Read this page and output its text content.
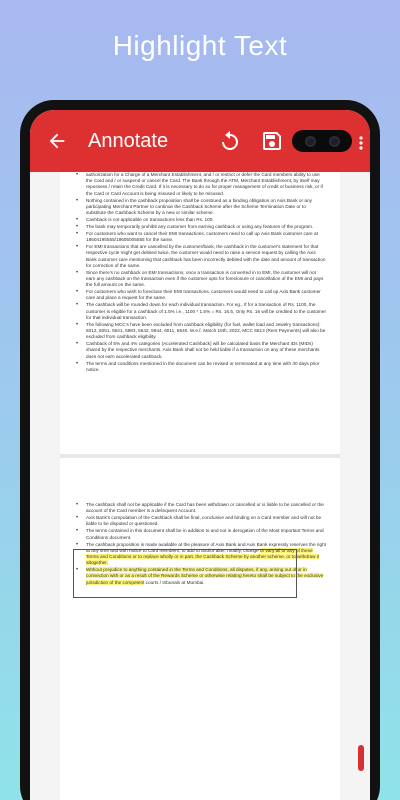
Highlight Text
Annotate
• authorization for a Charge of a Merchant Establishment, and / or restrict or defer the Card members ability to use the Card and / or suspend or cancel the Card. The Bank through the ATM, Merchant Establishment, by itself may repossess / retain the Credit Card. If it is necessary to do so for proper management of credit or business risk, or if the Card or Card Account is being misused or likely to be misused.
• Nothing contained in the cashback proposition shall be construed as a binding obligation on Axis Bank or any participating Merchant Partner to continue the Cashback Scheme after the Scheme Termination Date or to substitute the Cashback Scheme by a new or similar scheme.
• Cashback is not applicable on transactions less than Rs. 100.
• The bank may temporarily prohibit any customer from earning cashback or using any features of the program.
• For customers who want to cancel their EMI transactions, customers need to call up Axis Bank customer care at 18604195555/18605005555 for the same.
• For EMI transactions that are cancelled by the customer/bank, the cashback in the customer's statement for that respective cycle might get debited twice, the customer would need to raise a service request by calling the Axis Bank customer care mentioning that cashback has been incorrectly debited with the date and amount of transaction for correction of the same.
• Since there's no cashback on EMI transactions, once a transaction is converted in to EMI, the customer will not earn any cashback on the transaction even if the customer opts for foreclosure or cancellation of the EMI and pays the full amount on the same.
• For customers who wish to foreclose their EMI transactions, customers would need to call up Axis Bank customer care and place a request for the same.
• The cashback will be rounded down for each individual transaction. For eg., If for a transaction of Rs. 1100, the customer is eligible for a cashback of 1.5% i.e., 1100 * 1.5% = Rs. 16.5, Only Rs. 16 will be credited to the customer for that individual transaction.
• The following MCC's have been excluded from cashback eligibility (for fuel, wallet load and Jewelry transactions): 6012, 6051, 5541, 5983, 5542, 5944, 6011, 6540. W.e.f. March 15th, 2022, MCC 6513 (Rent Payments) will also be excluded from cashback eligibility.
• Cashback of 5% and 4% categories (Accelerated Cashback) will be calculated basis the Merchant IDs (MIDs) shared by the respective merchants. Axis Bank shall not be held liable if a transaction on any of these merchants does not earn accelerated cashback.
• The terms and conditions mentioned in the document can be revised or terminated at any time with 30 days prior notice.
• The cashback shall not be applicable if the Card has been withdrawn or cancelled or is liable to be cancelled or the account of the Card member is a delinquent Account.
• Axis Bank's computation of the Cashback shall be final, conclusive and binding on a Card member and will not be liable to be disputed or questioned.
• The terms contained in this document shall be in addition to and not in derogation of the Most Important Terms and Conditions document.
• The cashback proposition is made available at the pleasure of Axis Bank and Axis Bank expressly reserves the right at any time and with notice to Card members, to add to and/or alter, modify, change or vary all or any of these Terms and Conditions or to replace wholly or in part, the Cashback Scheme by another scheme, or to withdraw it altogether.
• Without prejudice to anything contained in the Terms and Conditions, all disputes, if any, arising out of or in connection with or as a result of the Rewards Scheme or otherwise relating hereto shall be subject to the exclusive jurisdiction of the competent courts / tribunals at Mumbai.
